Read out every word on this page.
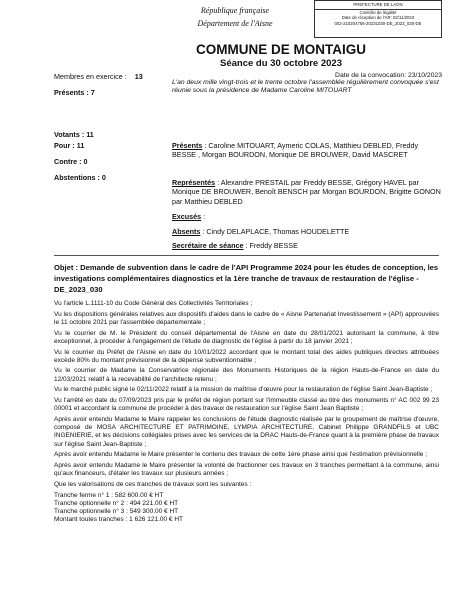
République française
Département de l'Aisne
PREFECTURE DE LAON
Contrôle de légalité
Date de réception de l'AR: 02/11/2023
002-210204756-20231030-DE_2023_030-DE
COMMUNE DE MONTAIGU
Séance du 30 octobre 2023
Membres en exercice : 13
Présents : 7
Votants : 11
Pour : 11
Contre : 0
Abstentions : 0
Date de la convocation: 23/10/2023
L'an deux mille vingt-trois et le trente octobre l'assemblée régulièrement convoquée s'est réunie sous la présidence de Madame Caroline MITOUART
Présents : Caroline MITOUART, Aymeric COLAS, Matthieu DEBLED, Freddy BESSE , Morgan BOURDON, Monique DE BROUWER, David MASCRET
Représentés : Alexandre PRESTAIL par Freddy BESSE, Grégory HAVEL par Monique DE BROUWER, Benoît BENSCH par Morgan BOURDON, Brigitte GONON par Matthieu DEBLED
Excusés :
Absents : Cindy DELAPLACE, Thomas HOUDELETTE
Secrétaire de séance : Freddy BESSE
Objet : Demande de subvention dans le cadre de l'API Programme 2024 pour les études de conception, les investigations complémentaires diagnostics et la 1ère tranche de travaux de restauration de l'église - DE_2023_030

Vu l'article L.1111-10 du Code Général des Collectivités Territoriales ;

Vu les dispositions générales relatives aux dispositifs d'aides dans le cadre de « Aisne Partenariat Investissement » (API) approuvées le 11 octobre 2021 par l'assemblée départementale ;

Vu le courrier de M. le Président du conseil départemental de l'Aisne en date du 28/01/2021 autorisant la commune, à titre exceptionnel, à procéder à l'engagement de l'étude de diagnostic de l'église à partir du 18 janvier 2021 ;

Vu le courrier du Préfet de l'Aisne en date du 10/01/2022 accordant que le montant total des aides publiques directes attribuées excède 80% du montant prévisionnel de la dépense subventionnable ;

Vu le courrier de Madame la Conservatrice régionale des Monuments Historiques de la région Hauts-de-France en date du 12/03/2021 relatif à la recevabilité de l'architecte retenu ;

Vu le marché public signé le 02/11/2022 relatif à la mission de maîtrise d'œuvre pour la restauration de l'église Saint Jean-Baptiste ;

Vu l'arrêté en date du 07/09/2023 pris par le préfet de région portant sur l'immeuble classé au titre des monuments n° AC 002 99 23 00001 et accordant la commune de procéder à des travaux de restauration sur l'église Saint Jean Baptiste ;

Après avoir entendu Madame le Maire rappeler les conclusions de l'étude diagnostic réalisée par le groupement de maîtrise d'œuvre, composé de MOSA ARCHITECTURE ET PATRIMOINE, LYMPIA ARCHITECTURE, Cabinet Philippe GRANDFILS et UBC INGENIERIE, et les décisions collégiales prises avec les services de la DRAC Hauts-de-France quant à la première phase de travaux sur l'église Saint Jean-Baptiste ;

Après avoir entendu Madame le Maire présenter le contenu des travaux de cette 1ère phase ainsi que l'estimation prévisionnelle ;

Après avoir entendu Madame le Maire présenter la volonté de fractionner ces travaux en 3 tranches permettant à la commune, ainsi qu'aux financeurs, d'étaler les travaux sur plusieurs années ;

Que les valorisations de ces tranches de travaux sont les suivantes :

Tranche ferme n° 1 : 582 600.00 € HT
Tranche optionnelle n° 2 : 494 221.00 € HT
Tranche optionnelle n° 3 : 549 300.00 € HT
Montant toutes tranches : 1 626 121.00 € HT
